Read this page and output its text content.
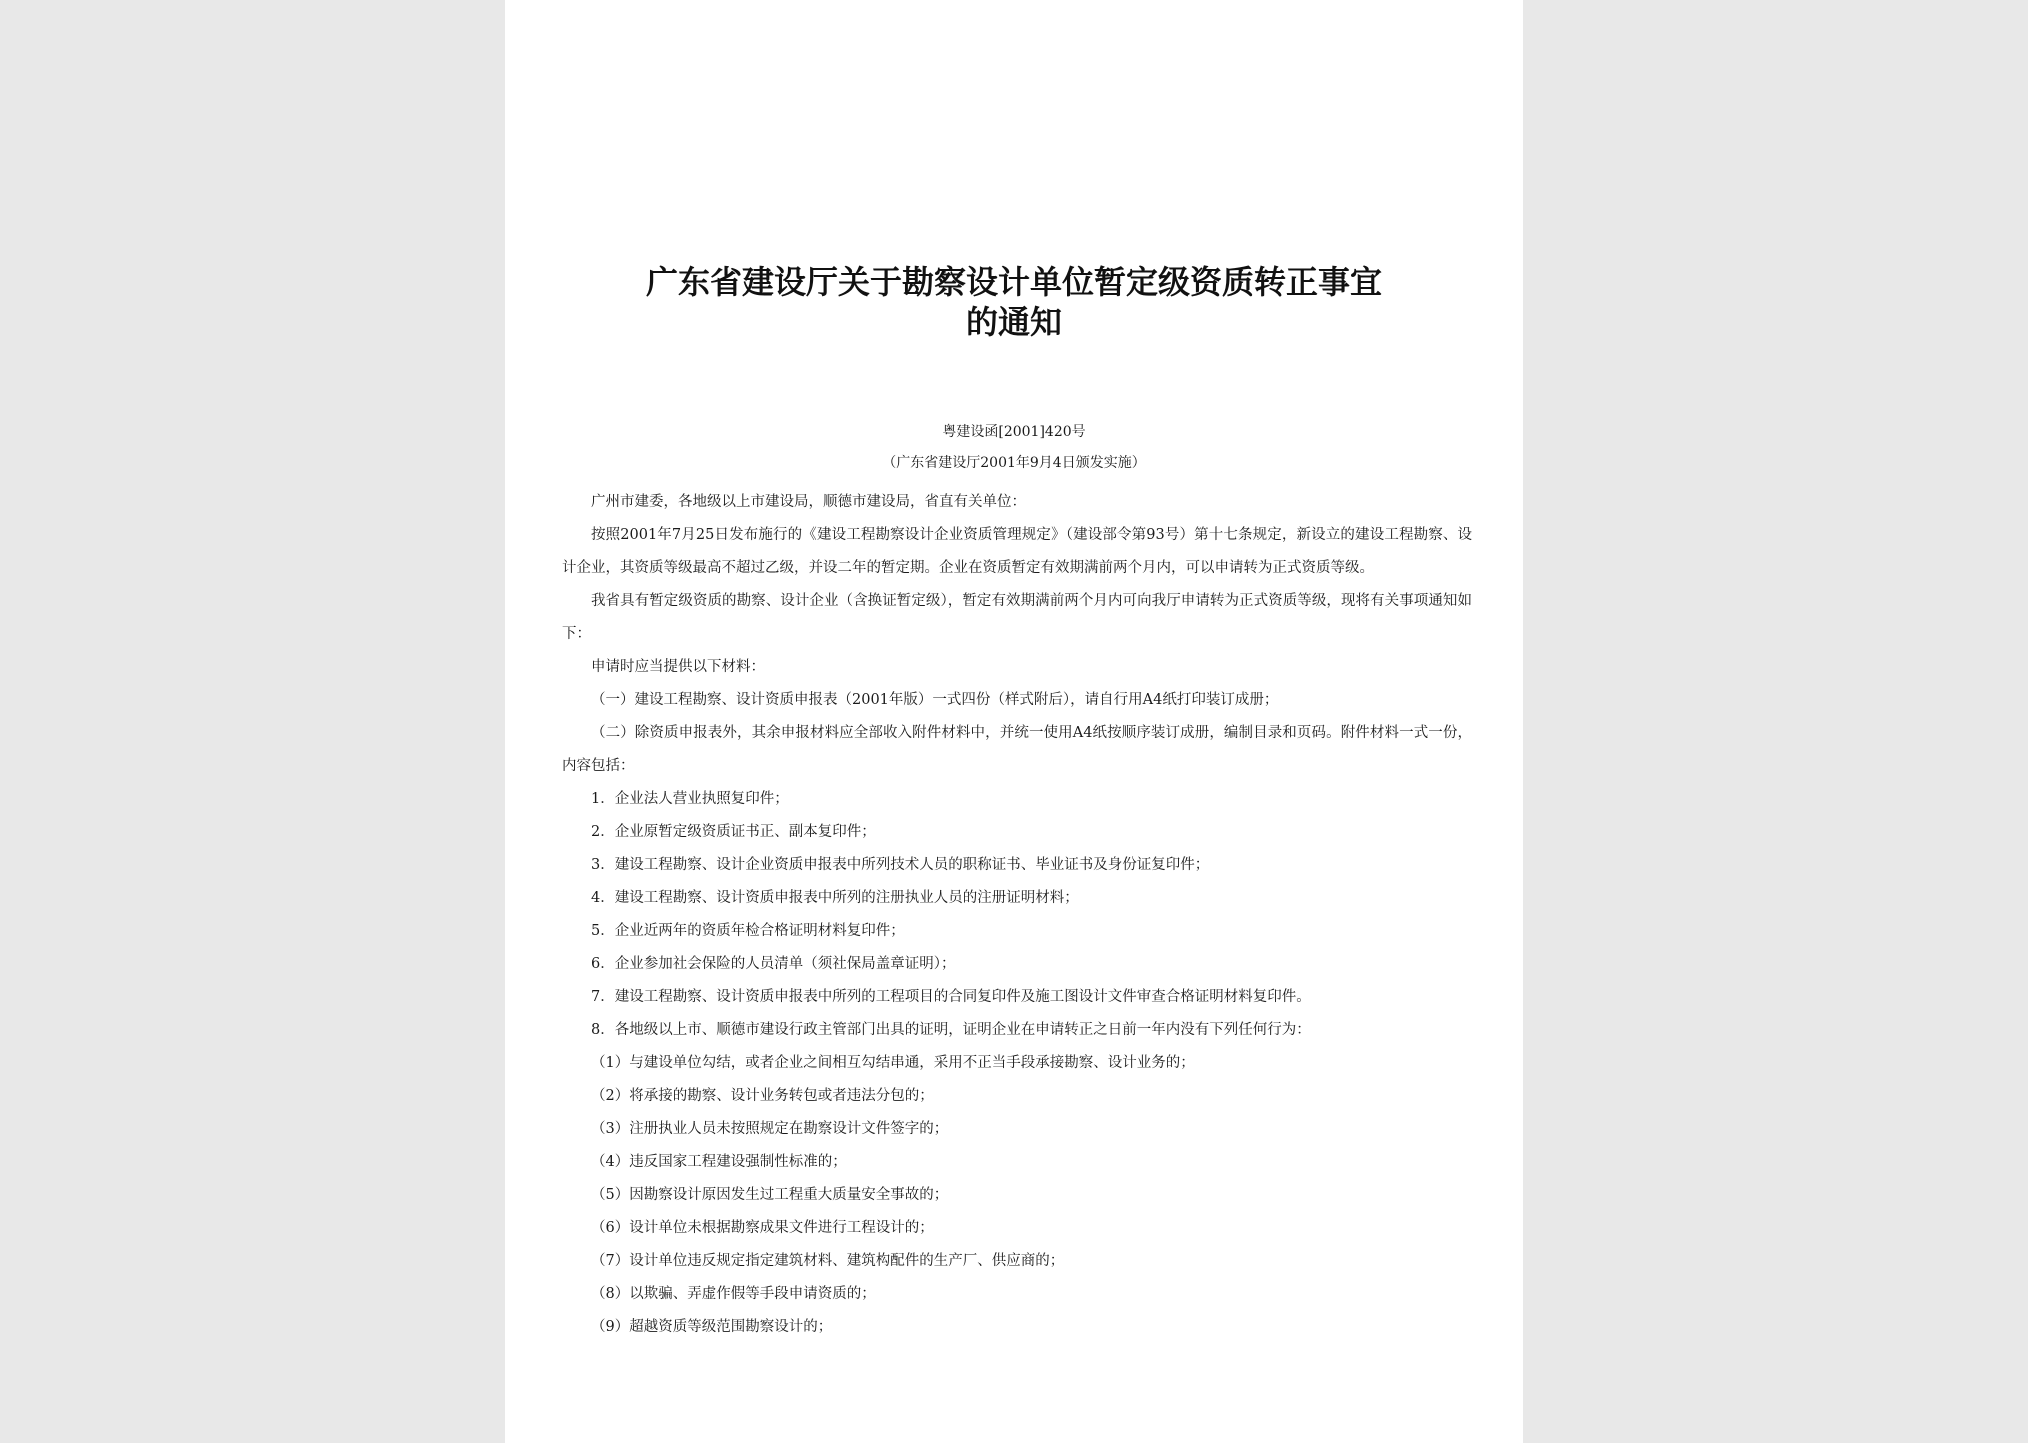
广东省建设厅关于勘察设计单位暂定级资质转正事宜
的通知
粤建设函[2001]420号
（广东省建设厅2001年9月4日颁发实施）

广州市建委，各地级以上市建设局，顺德市建设局，省直有关单位：

按照2001年7月25日发布施行的《建设工程勘察设计企业资质管理规定》（建设部令第93号）第十七条规定，新设立的建设工程勘察、设计企业，其资质等级最高不超过乙级，并设二年的暂定期。企业在资质暂定有效期满前两个月内，可以申请转为正式资质等级。

我省具有暂定级资质的勘察、设计企业（含换证暂定级），暂定有效期满前两个月内可向我厅申请转为正式资质等级，现将有关事项通知如下：

申请时应当提供以下材料：

（一）建设工程勘察、设计资质申报表（2001年版）一式四份（样式附后），请自行用A4纸打印装订成册；

（二）除资质申报表外，其余申报材料应全部收入附件材料中，并统一使用A4纸按顺序装订成册，编制目录和页码。附件材料一式一份，内容包括：

1．企业法人营业执照复印件；

2．企业原暂定级资质证书正、副本复印件；

3．建设工程勘察、设计企业资质申报表中所列技术人员的职称证书、毕业证书及身份证复印件；

4．建设工程勘察、设计资质申报表中所列的注册执业人员的注册证明材料；

5．企业近两年的资质年检合格证明材料复印件；

6．企业参加社会保险的人员清单（须社保局盖章证明）；

7．建设工程勘察、设计资质申报表中所列的工程项目的合同复印件及施工图设计文件审查合格证明材料复印件。

8．各地级以上市、顺德市建设行政主管部门出具的证明，证明企业在申请转正之日前一年内没有下列任何行为：

（1）与建设单位勾结，或者企业之间相互勾结串通，采用不正当手段承接勘察、设计业务的；

（2）将承接的勘察、设计业务转包或者违法分包的；

（3）注册执业人员未按照规定在勘察设计文件签字的；

（4）违反国家工程建设强制性标准的；

（5）因勘察设计原因发生过工程重大质量安全事故的；

（6）设计单位未根据勘察成果文件进行工程设计的；

（7）设计单位违反规定指定建筑材料、建筑构配件的生产厂、供应商的；

（8）以欺骗、弄虚作假等手段申请资质的；

（9）超越资质等级范围勘察设计的；
